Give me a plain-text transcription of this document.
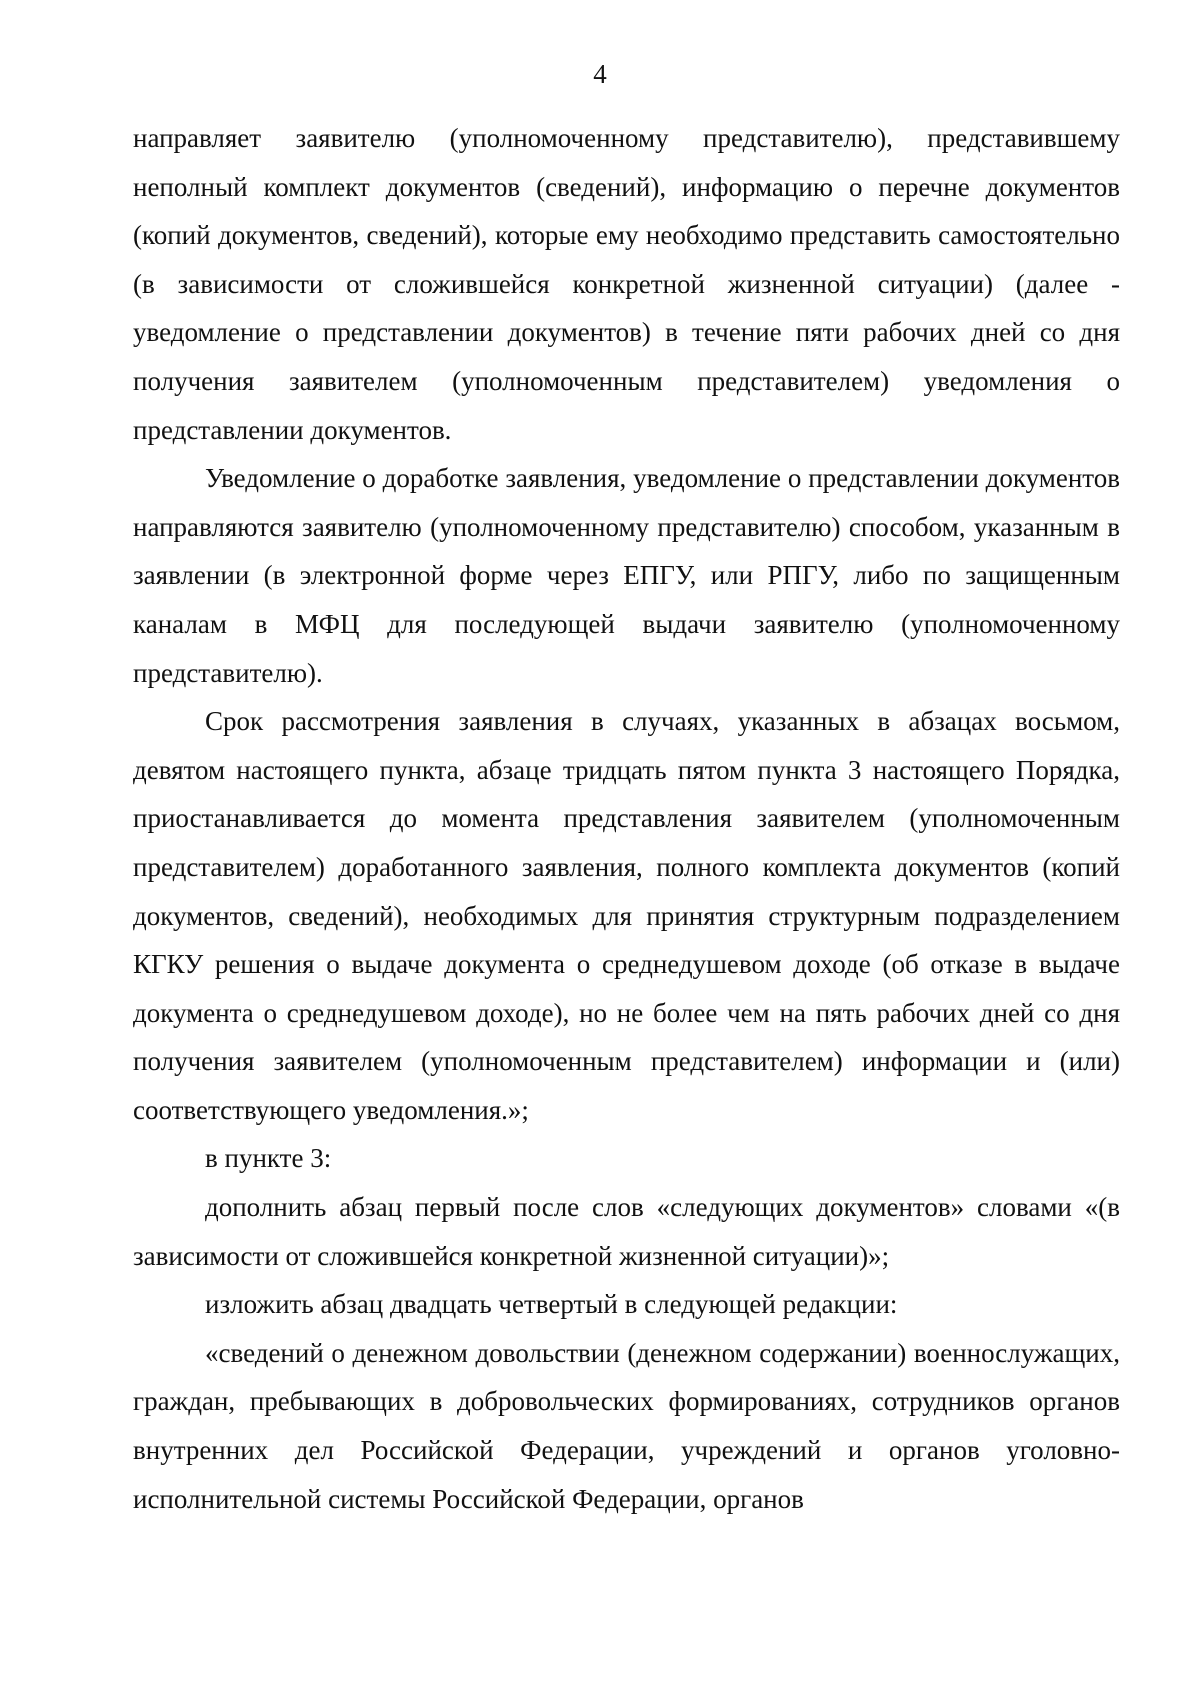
4

направляет заявителю (уполномоченному представителю), представившему неполный комплект документов (сведений), информацию о перечне документов (копий документов, сведений), которые ему необходимо представить самостоятельно (в зависимости от сложившейся конкретной жизненной ситуации) (далее - уведомление о представлении документов) в течение пяти рабочих дней со дня получения заявителем (уполномоченным представителем) уведомления о представлении документов.

Уведомление о доработке заявления, уведомление о представлении документов направляются заявителю (уполномоченному представителю) способом, указанным в заявлении (в электронной форме через ЕПГУ, или РПГУ, либо по защищенным каналам в МФЦ для последующей выдачи заявителю (уполномоченному представителю).

Срок рассмотрения заявления в случаях, указанных в абзацах восьмом, девятом настоящего пункта, абзаце тридцать пятом пункта 3 настоящего Порядка, приостанавливается до момента представления заявителем (уполномоченным представителем) доработанного заявления, полного комплекта документов (копий документов, сведений), необходимых для принятия структурным подразделением КГКУ решения о выдаче документа о среднедушевом доходе (об отказе в выдаче документа о среднедушевом доходе), но не более чем на пять рабочих дней со дня получения заявителем (уполномоченным представителем) информации и (или) соответствующего уведомления.»;

в пункте 3:

дополнить абзац первый после слов «следующих документов» словами «(в зависимости от сложившейся конкретной жизненной ситуации)»;

изложить абзац двадцать четвертый в следующей редакции:

«сведений о денежном довольствии (денежном содержании) военнослужащих, граждан, пребывающих в добровольческих формированиях, сотрудников органов внутренних дел Российской Федерации, учреждений и органов уголовно-исполнительной системы Российской Федерации, органов
